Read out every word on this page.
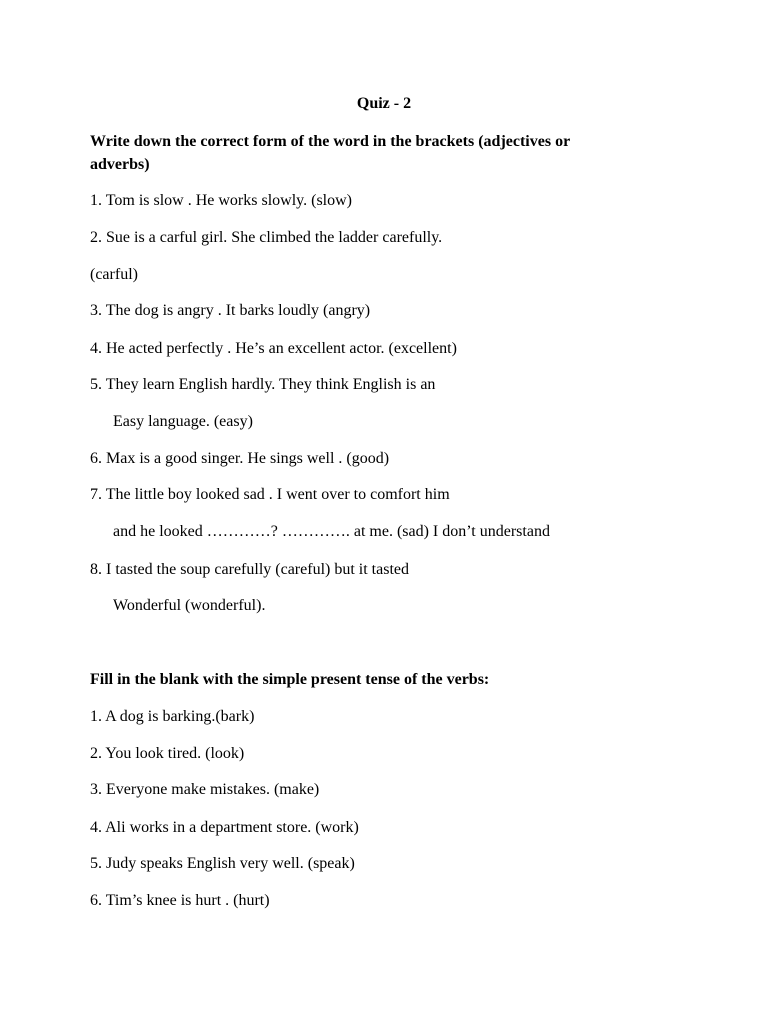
Quiz - 2
Write down the correct form of the word in the brackets (adjectives or
adverbs)
1. Tom is slow . He works slowly. (slow)
2. Sue is a carful girl. She climbed the ladder carefully.
(carful)
3. The dog is angry . It barks loudly (angry)
4. He acted perfectly . He’s an excellent actor. (excellent)
5. They learn English hardly. They think English is an
Easy language. (easy)
6. Max is a good singer. He sings well . (good)
7. The little boy looked sad . I went over to comfort him
and he looked …………? …………. at me. (sad) I don’t understand
8. I tasted the soup carefully (careful) but it tasted
Wonderful (wonderful).
Fill in the blank with the simple present tense of the verbs:
1. A dog is barking.(bark)
2. You look tired. (look)
3. Everyone make mistakes. (make)
4. Ali works in a department store. (work)
5. Judy speaks English very well. (speak)
6. Tim’s knee is hurt . (hurt)
